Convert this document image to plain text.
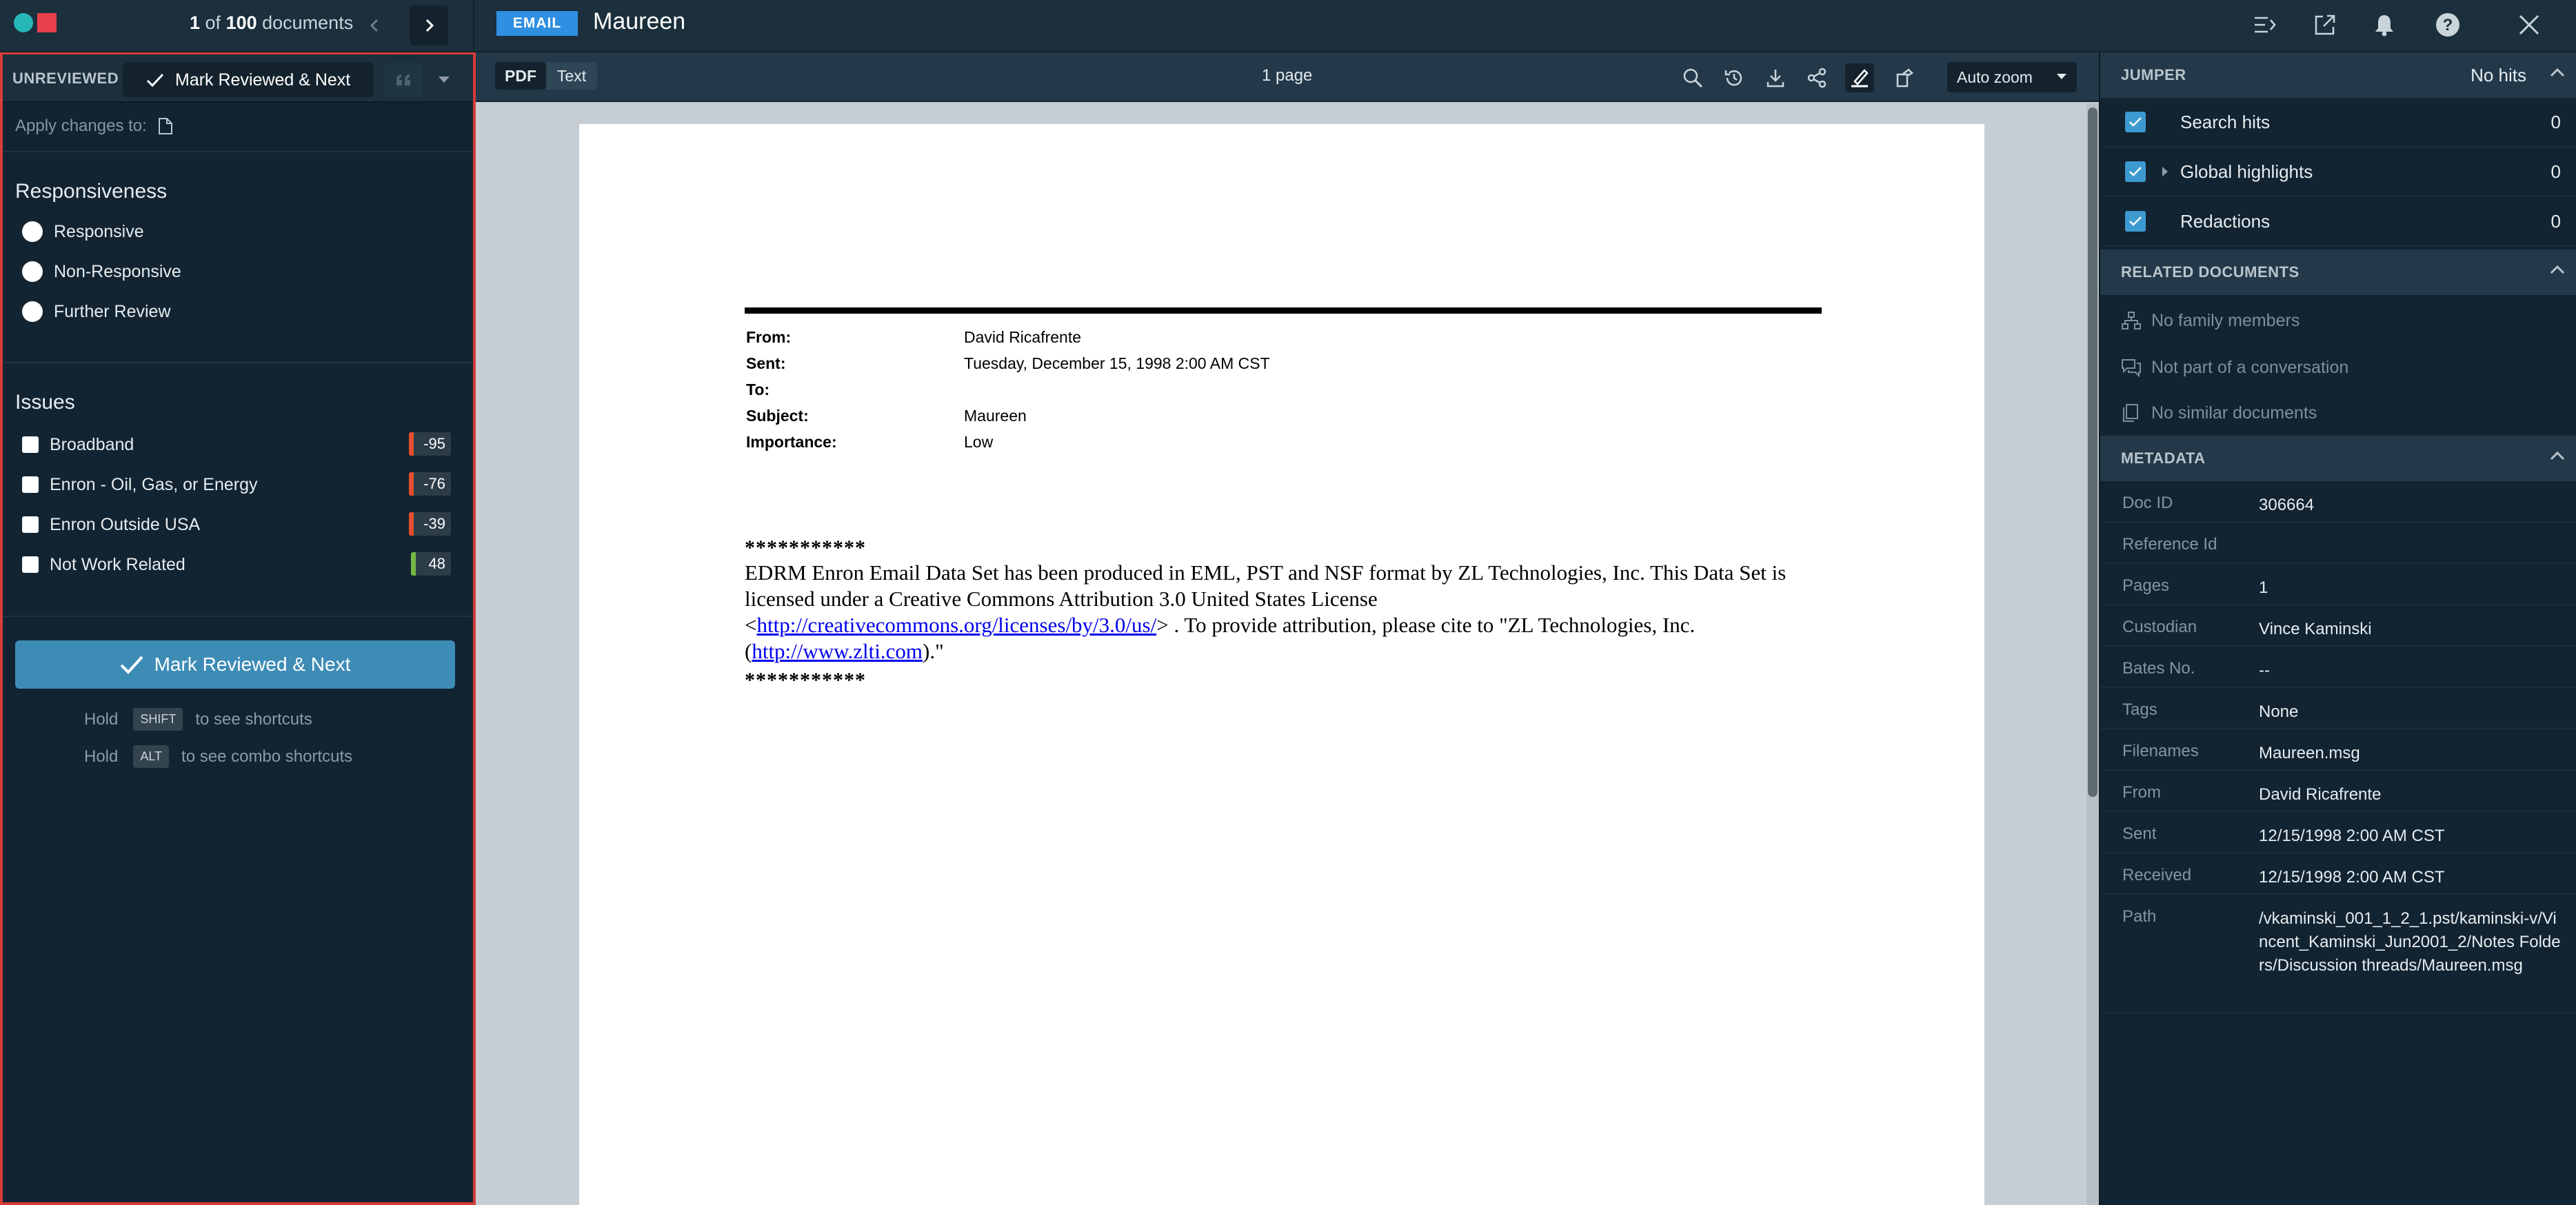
1 of 100 documents	EMAIL	Maureen	?
UNREVIEWED	Mark Reviewed & Next
Apply changes to:
Responsiveness
Responsive
Non-Responsive
Further Review
Issues
Broadband	-95
Enron - Oil, Gas, or Energy	-76
Enron Outside USA	-39
Not Work Related	48
Mark Reviewed & Next
Hold	SHIFT	to see shortcuts
Hold	ALT	to see combo shortcuts
PDF	Text	1 page	Auto zoom
From:	David Ricafrente
Sent:	Tuesday, December 15, 1998 2:00 AM CST
To:
Subject:	Maureen
Importance:	Low
***********
EDRM Enron Email Data Set has been produced in EML, PST and NSF format by ZL Technologies, Inc. This Data Set is licensed under a Creative Commons Attribution 3.0 United States License
<http://creativecommons.org/licenses/by/3.0/us/> . To provide attribution, please cite to "ZL Technologies, Inc. (http://www.zlti.com)."
***********
JUMPER	No hits
Search hits	0
Global highlights	0
Redactions	0
RELATED DOCUMENTS
No family members
Not part of a conversation
No similar documents
METADATA
Doc ID	306664
Reference Id
Pages	1
Custodian	Vince Kaminski
Bates No.	--
Tags	None
Filenames	Maureen.msg
From	David Ricafrente
Sent	12/15/1998 2:00 AM CST
Received	12/15/1998 2:00 AM CST
Path	/vkaminski_001_1_2_1.pst/kaminski-v/Vincent_Kaminski_Jun2001_2/Notes Folders/Discussion threads/Maureen.msg
